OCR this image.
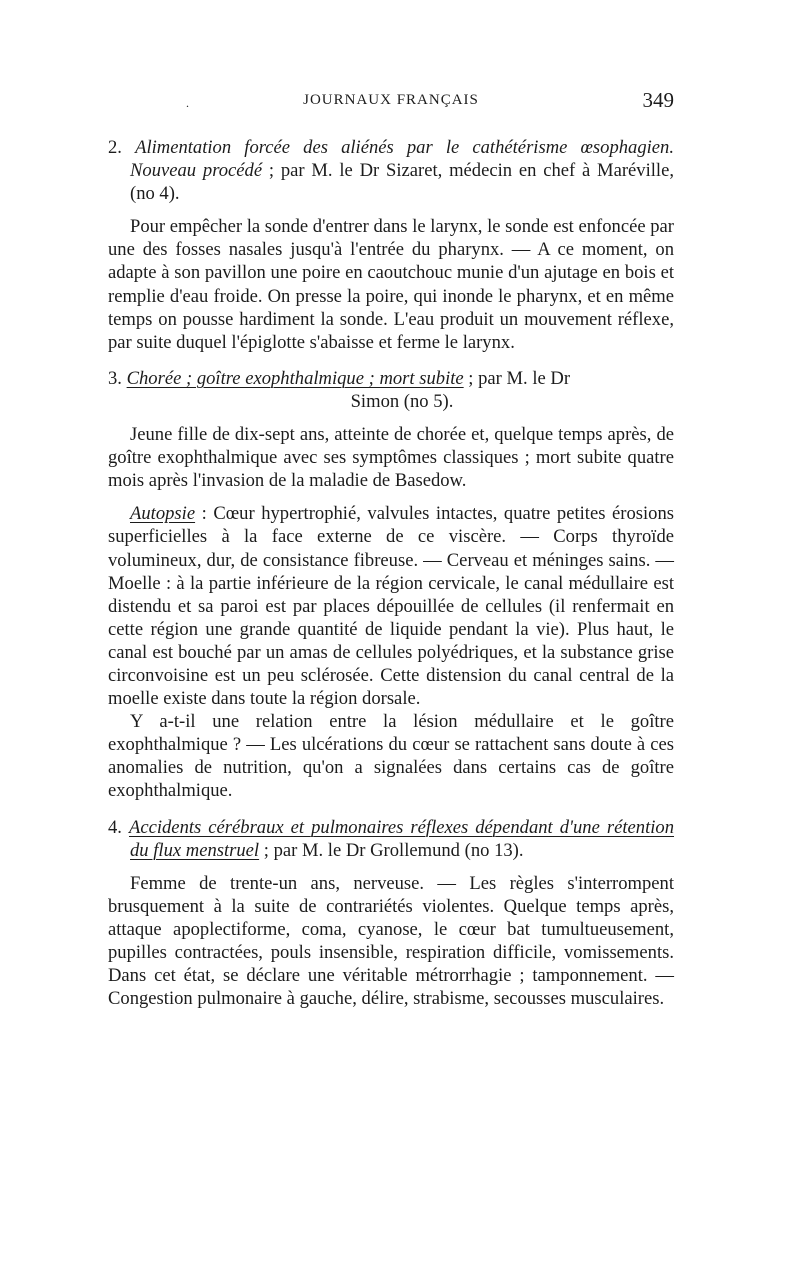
.	JOURNAUX FRANÇAIS	349

2. Alimentation forcée des aliénés par le cathétérisme œsophagien. Nouveau procédé ; par M. le Dr Sizaret, médecin en chef à Maréville, (no 4).

Pour empêcher la sonde d'entrer dans le larynx, le sonde est enfoncée par une des fosses nasales jusqu'à l'entrée du pharynx. — A ce moment, on adapte à son pavillon une poire en caoutchouc munie d'un ajutage en bois et remplie d'eau froide. On presse la poire, qui inonde le pharynx, et en même temps on pousse hardiment la sonde. L'eau produit un mouvement réflexe, par suite duquel l'épiglotte s'abaisse et ferme le larynx.

3. Chorée ; goître exophthalmique ; mort subite ; par M. le Dr
Simon (no 5).

Jeune fille de dix-sept ans, atteinte de chorée et, quelque temps après, de goître exophthalmique avec ses symptômes classiques ; mort subite quatre mois après l'invasion de la maladie de Basedow.

Autopsie : Cœur hypertrophié, valvules intactes, quatre petites érosions superficielles à la face externe de ce viscère. — Corps thyroïde volumineux, dur, de consistance fibreuse. — Cerveau et méninges sains. — Moelle : à la partie inférieure de la région cervicale, le canal médullaire est distendu et sa paroi est par places dépouillée de cellules (il renfermait en cette région une grande quantité de liquide pendant la vie). Plus haut, le canal est bouché par un amas de cellules polyédriques, et la substance grise circonvoisine est un peu sclérosée. Cette distension du canal central de la moelle existe dans toute la région dorsale.

Y a-t-il une relation entre la lésion médullaire et le goître exophthalmique ? — Les ulcérations du cœur se rattachent sans doute à ces anomalies de nutrition, qu'on a signalées dans certains cas de goître exophthalmique.

4. Accidents cérébraux et pulmonaires réflexes dépendant d'une rétention du flux menstruel ; par M. le Dr Grollemund (no 13).

Femme de trente-un ans, nerveuse. — Les règles s'interrompent brusquement à la suite de contrariétés violentes. Quelque temps après, attaque apoplectiforme, coma, cyanose, le cœur bat tumultueusement, pupilles contractées, pouls insensible, respiration difficile, vomissements. Dans cet état, se déclare une véritable métrorrhagie ; tamponnement. — Congestion pulmonaire à gauche, délire, strabisme, secousses musculaires.
